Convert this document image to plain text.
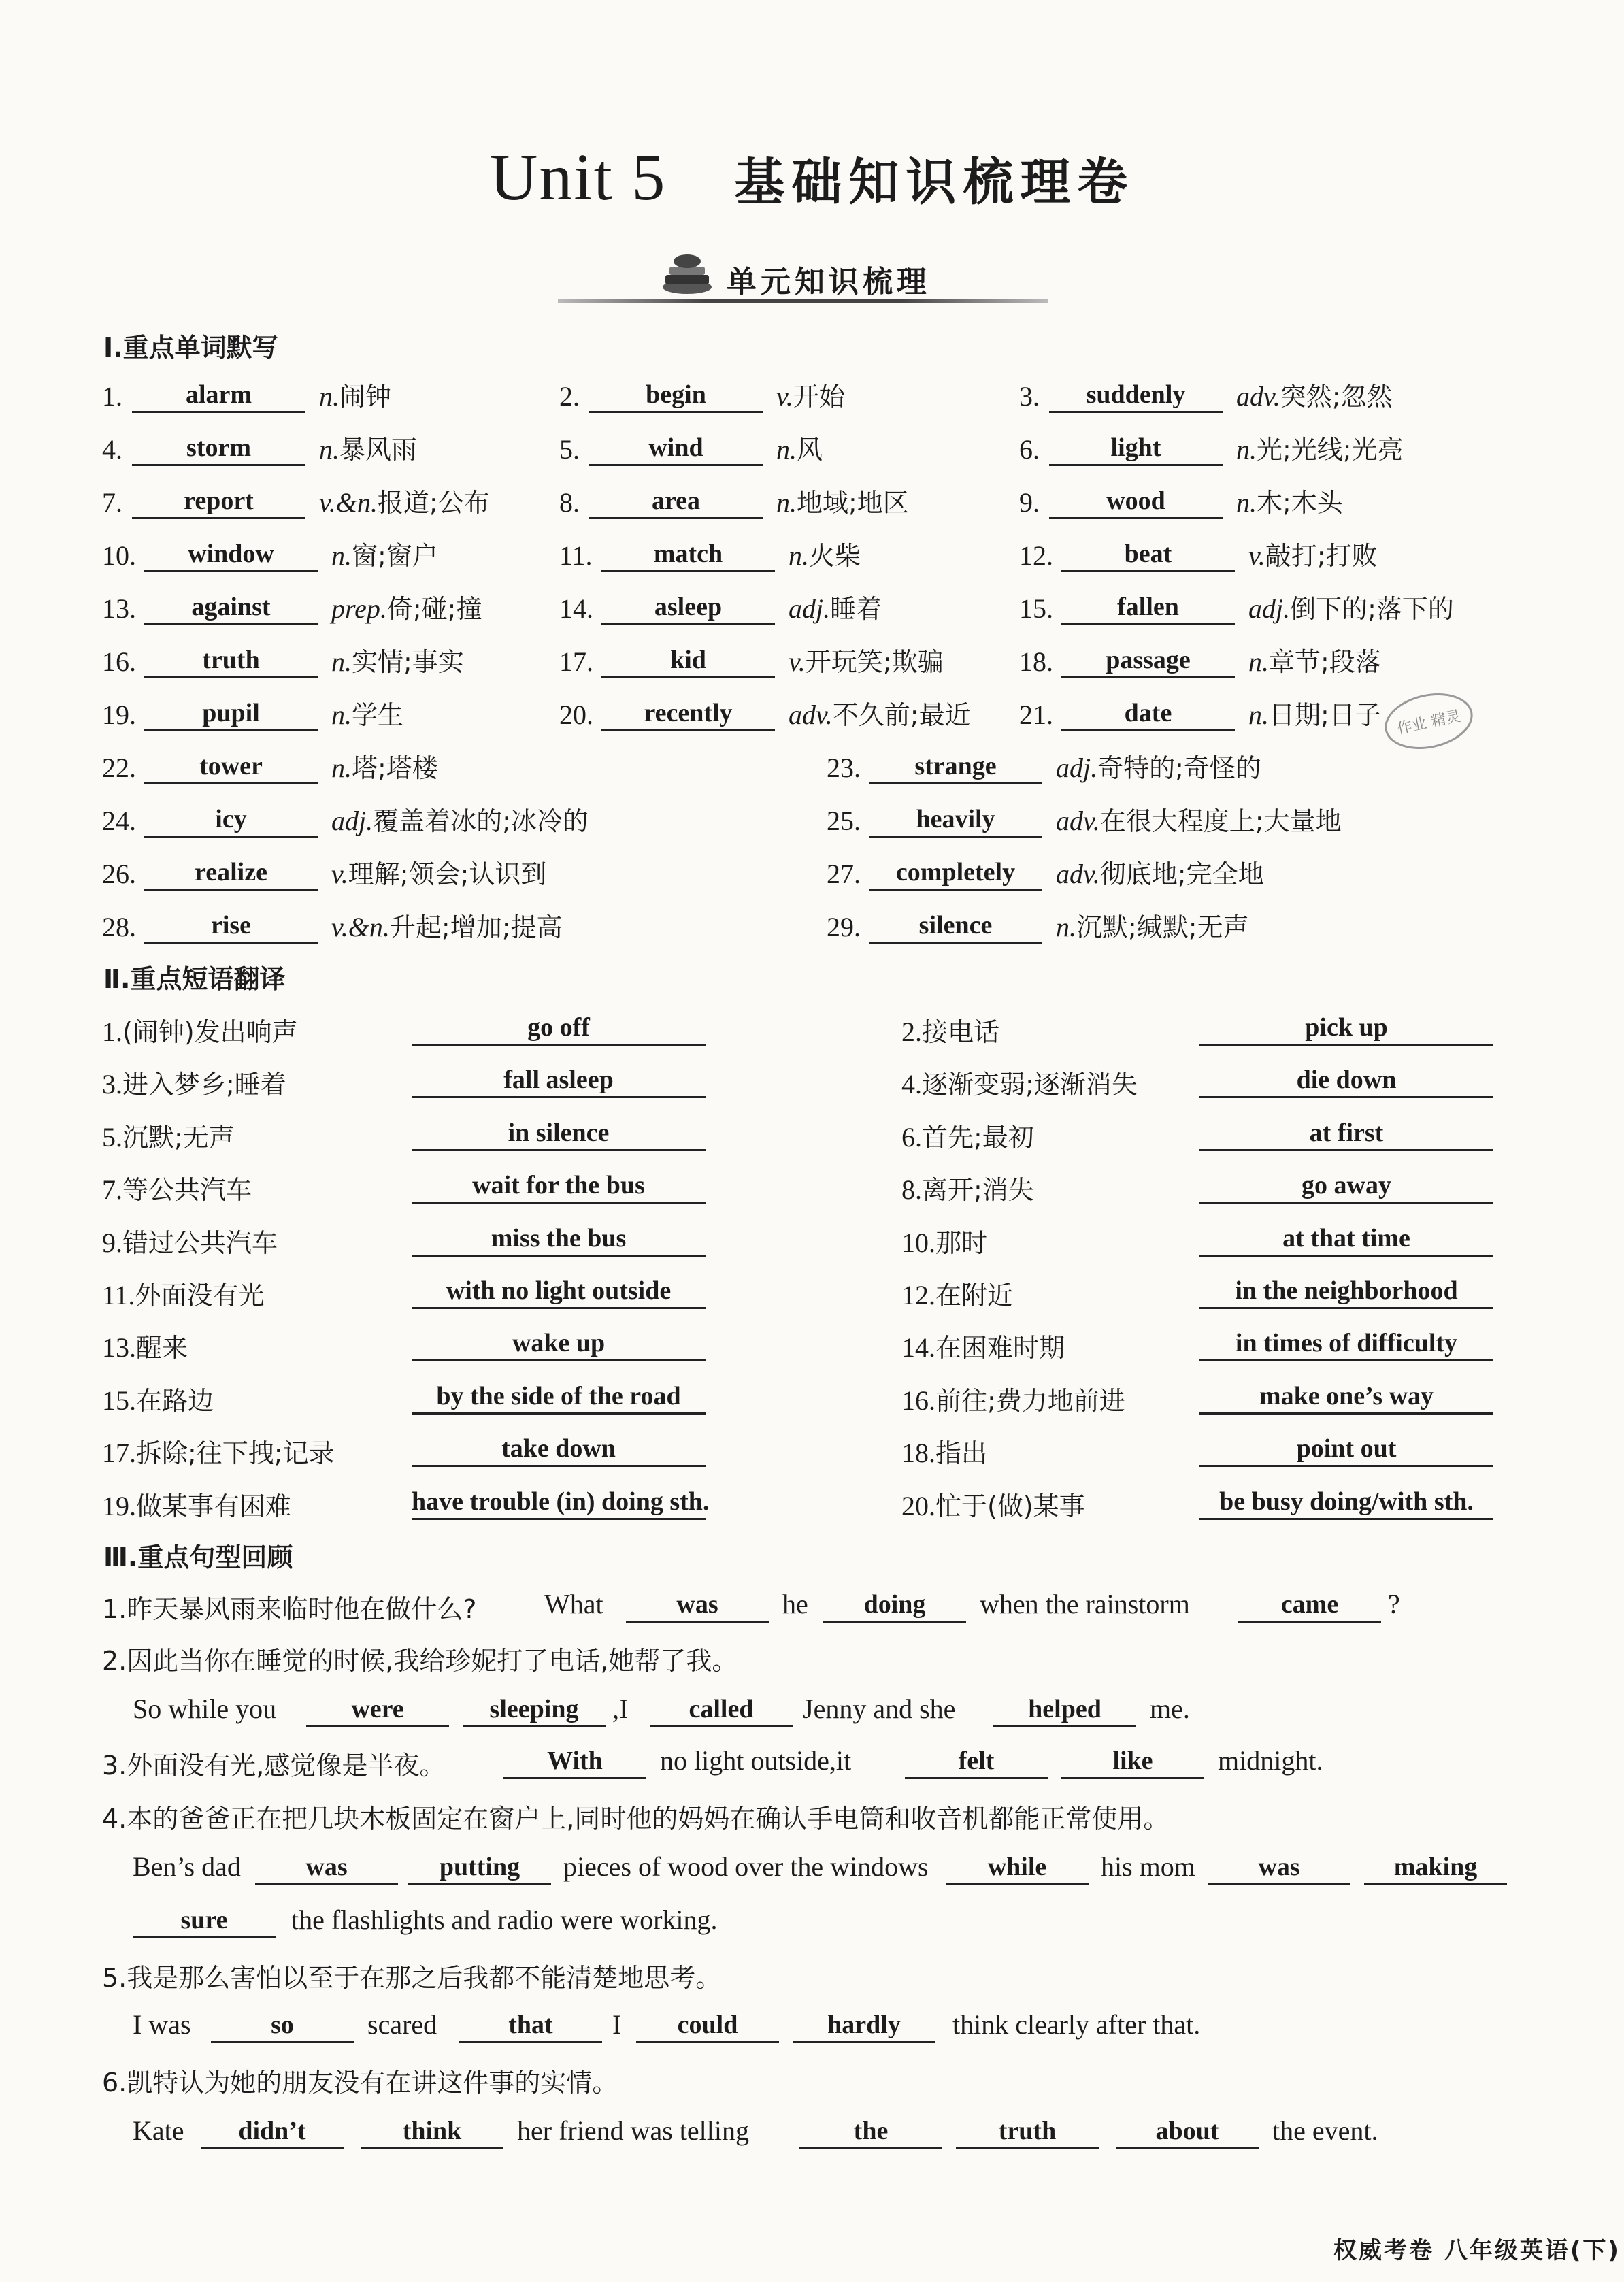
Unit 5 基础知识梳理卷
单元知识梳理
Ⅰ.重点单词默写
1. alarm n.闹钟	2.	begin	v.开始	3. suddenly adv.突然;忽然
4. storm	n.暴风雨	5.	wind	n.风	6.	light	n.光;光线;光亮
7. report v.&n.报道;公布	8.	area	n.地域;地区	9.	wood	n.木;木头
10. window n.窗;窗户	11. match n.火柴	12.	beat	v.敲打;打败
13. against prep.倚;碰;撞	14. asleep adj.睡着	15. fallen	adj.倒下的;落下的
16.	truth	n.实情;事实	17.	kid	v.开玩笑;欺骗	18. passage n.章节;段落
19.	pupil	n.学生	20. recently adv.不久前;最近 21.	date	n.日期;日子
22. tower	n.塔;塔楼	23. strange adj.奇特的;奇怪的
24.	icy	adj.覆盖着冰的;冰冷的	25. heavily adv.在很大程度上;大量地
26. realize v.理解;领会;认识到	27. completely adv.彻底地;完全地
28.	rise	v.&n.升起;增加;提高	29. silence n.沉默;缄默;无声
Ⅱ.重点短语翻译
1.(闹钟)发出响声	go off	2.接电话	pick up
3.进入梦乡;睡着	fall asleep	4.逐渐变弱;逐渐消失	die down
5.沉默;无声	in silence	6.首先;最初	at first
7.等公共汽车	wait for the bus	8.离开;消失	go away
9.错过公共汽车	miss the bus	10.那时	at that time
11.外面没有光	with no light outside	12.在附近	in the neighborhood
13.醒来	wake up	14.在困难时期	in times of difficulty
15.在路边	by the side of the road	16.前往;费力地前进	make one’s way
17.拆除;往下拽;记录	take down	18.指出	point out
19.做某事有困难	have trouble (in) doing sth.	20.忙于(做)某事	be busy doing/with sth.
Ⅲ.重点句型回顾
1.昨天暴风雨来临时他在做什么? What	was	he	doing	when the rainstorm	came	?
2.因此当你在睡觉的时候,我给珍妮打了电话,她帮了我。
So while you	were	sleeping	,I	called	Jenny and she	helped	me.
3.外面没有光,感觉像是半夜。	With	no light outside,it	felt	like	midnight.
4.本的爸爸正在把几块木板固定在窗户上,同时他的妈妈在确认手电筒和收音机都能正常使用。
Ben’s dad	was	putting	pieces of wood over the windows	while	his mom	was	making
sure	the flashlights and radio were working.
5.我是那么害怕以至于在那之后我都不能清楚地思考。
I was	so	scared	that	I	could	hardly	think clearly after that.
6.凯特认为她的朋友没有在讲这件事的实情。
Kate	didn’t	think	her friend was telling	the	truth	about	the event.
作业 精灵
权威考卷 八年级英语(下)
